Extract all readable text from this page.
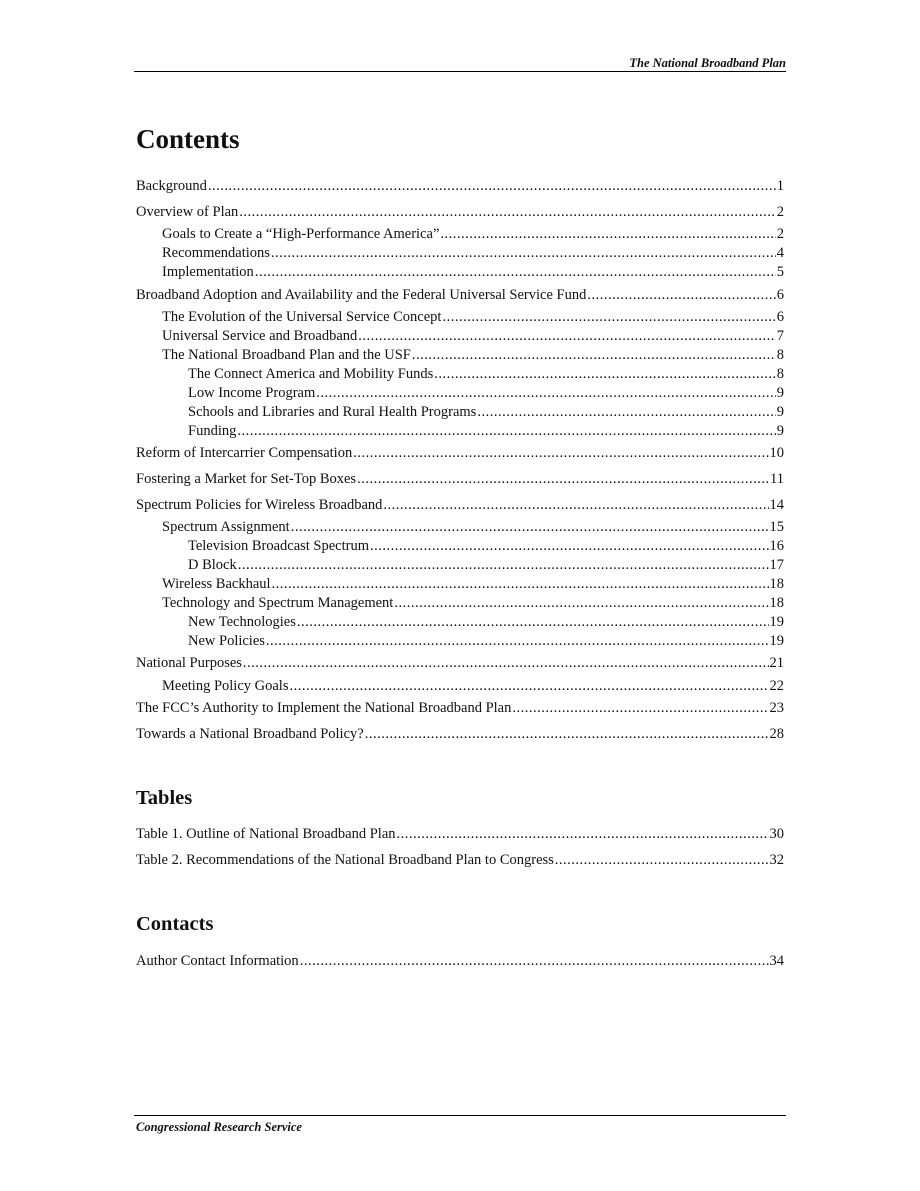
The National Broadband Plan
Contents
Background .....	1
Overview of Plan .....	2
Goals to Create a “High-Performance America” .....	2
Recommendations .....	4
Implementation .....	5
Broadband Adoption and Availability and the Federal Universal Service Fund .....	6
The Evolution of the Universal Service Concept .....	6
Universal Service and Broadband .....	7
The National Broadband Plan and the USF .....	8
The Connect America and Mobility Funds .....	8
Low Income Program .....	9
Schools and Libraries and Rural Health Programs .....	9
Funding .....	9
Reform of Intercarrier Compensation .....	10
Fostering a Market for Set-Top Boxes .....	11
Spectrum Policies for Wireless Broadband .....	14
Spectrum Assignment .....	15
Television Broadcast Spectrum .....	16
D Block .....	17
Wireless Backhaul .....	18
Technology and Spectrum Management .....	18
New Technologies .....	19
New Policies .....	19
National Purposes .....	21
Meeting Policy Goals .....	22
The FCC’s Authority to Implement the National Broadband Plan .....	23
Towards a National Broadband Policy? .....	28
Tables
Table 1. Outline of National Broadband Plan .....	30
Table 2. Recommendations of the National Broadband Plan to Congress .....	32
Contacts
Author Contact Information .....	34
Congressional Research Service
